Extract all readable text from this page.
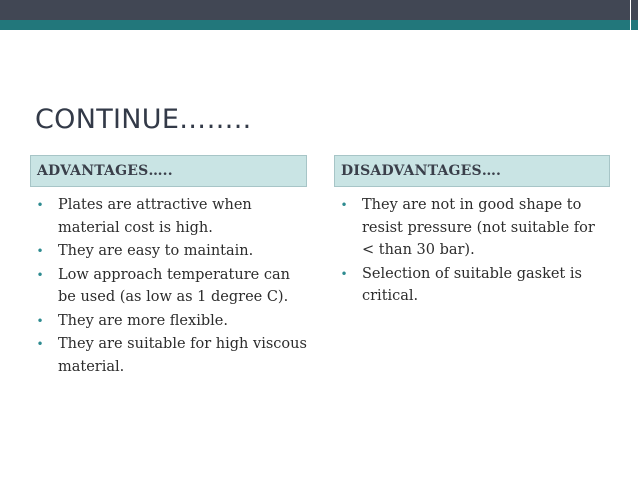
CONTINUE……..
ADVANTAGES…..	DISADVANTAGES….
• Plates are attractive when material cost is high.
• They are easy to maintain.
• Low approach temperature can be used (as low as 1 degree C).
• They are more flexible.
• They are suitable for high viscous material.
• They are not in good shape to resist pressure (not suitable for < than 30 bar).
• Selection of suitable gasket is critical.
